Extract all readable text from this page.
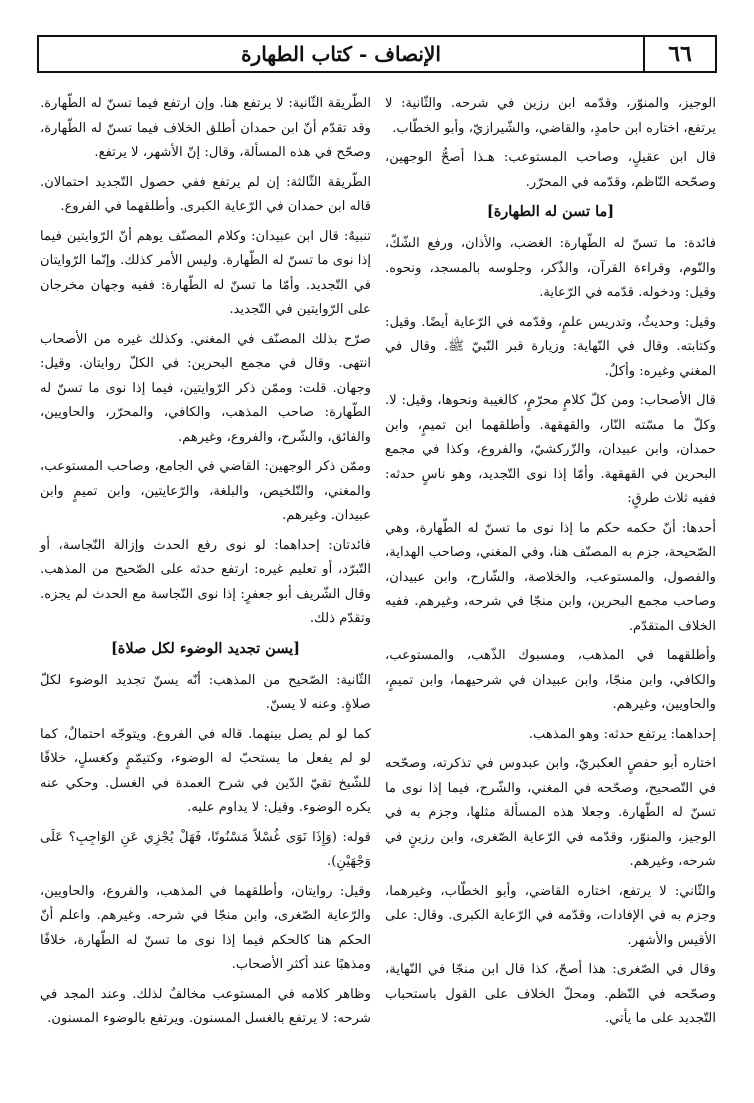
٦٦
الإنصاف - كتاب الطهارة

الوجيز، والمنوّر، وقدّمه ابن رزين في شرحه. والثّانية: لا يرتفع، اختاره ابن حامدٍ، والقاضي، والشّيرازيّ، وأبو الخطّاب.

قال ابن عقيلٍ، وصاحب المستوعب: هـذا أصحُّ الوجهين، وصحّحه النّاظم، وقدّمه في المحرّر.

[ما تسن له الطهارة]

فائدة: ما تسنّ له الطّهارة: الغضب، والأذان، ورفع الشّكّ، والنّوم، وقراءة القرآن، والذّكر، وجلوسه بالمسجد، ونحوه. وقيل: ودخوله. قدّمه في الرّعاية.

وقيل: وحديثٌ، وتدريس علمٍ، وقدّمه في الرّعاية أيضًا. وقيل: وكتابته. وقال في النّهاية: وزيارة قبر النّبيّ ﷺ. وقال في المغني وغيره: وأكلٌ.

قال الأصحاب: ومن كلّ كلامٍ محرّمٍ، كالغيبة ونحوها، وقيل: لا. وكلّ ما مسّته النّار، والقهقهة. وأطلقهما ابن تميمٍ، وابن حمدان، وابن عبيدان، والزّركشيّ، والفروع، وكذا في مجمع البحرين في القهقهة. وأمّا إذا نوى التّجديد، وهو ناسٍ حدثه: ففيه ثلاث طرقٍ:

أحدها: أنّ حكمه حكم ما إذا نوى ما تسنّ له الطّهارة، وهي الصّحيحة، جزم به المصنّف هنا، وفي المغني، وصاحب الهداية، والفصول، والمستوعب، والخلاصة، والشّارح، وابن عبيدان، وصاحب مجمع البحرين، وابن منجّا في شرحه، وغيرهم. ففيه الخلاف المتقدّم.

وأطلقهما في المذهب، ومسبوك الذّهب، والمستوعب، والكافي، وابن منجّا، وابن عبيدان في شرحيهما، وابن تميمٍ، والحاويين، وغيرهم.

إحداهما: يرتفع حدثه: وهو المذهب.

اختاره أبو حفصٍ العكبريّ، وابن عبدوس في تذكرته، وصحّحه في التّصحيح، وصحّحه في المغني، والشّرح، فيما إذا نوى ما تسنّ له الطّهارة. وجعلا هذه المسألة مثلها، وجزم به في الوجيز، والمنوّر، وقدّمه في الرّعاية الصّغرى، وابن رزينٍ في شرحه، وغيرهم.

والثّاني: لا يرتفع، اختاره القاضي، وأبو الخطّاب، وغيرهما، وجزم به في الإفادات، وقدّمه في الرّعاية الكبرى. وقال: على الأقيس والأشهر.

وقال في الصّغرى: هذا أصحّ، كذا قال ابن منجّا في النّهاية، وصحّحه في النّظم. ومحلّ الخلاف على القول باستحباب التّجديد على ما يأتي.

الطّريقة الثّانية: لا يرتفع هنا. وإن ارتفع فيما تسنّ له الطّهارة. وقد تقدّم أنّ ابن حمدان أطلق الخلاف فيما تسنّ له الطّهارة، وصحّح في هذه المسألة، وقال: إنّ الأشهر، لا يرتفع.

الطّريقة الثّالثة: إن لم يرتفع ففي حصول التّجديد احتمالان. قاله ابن حمدان في الرّعاية الكبرى. وأطلقهما في الفروع.

تنبيهٌ: قال ابن عبيدان: وكلام المصنّف يوهم أنّ الرّوايتين فيما إذا نوى ما تسنّ له الطّهارة. وليس الأمر كذلك. وإنّما الرّوايتان في التّجديد. وأمّا ما تسنّ له الطّهارة: ففيه وجهان مخرجان على الرّوايتين في التّجديد.

صرّح بذلك المصنّف في المغني. وكذلك غيره من الأصحاب انتهى. وقال في مجمع البحرين: في الكلّ روايتان. وقيل: وجهان. قلت: وممّن ذكر الرّوايتين، فيما إذا نوى ما تسنّ له الطّهارة: صاحب المذهب، والكافي، والمحرّر، والحاويين، والفائق، والشّرح، والفروع، وغيرهم.

وممّن ذكر الوجهين: القاضي في الجامع، وصاحب المستوعب، والمغني، والتّلخيص، والبلغة، والرّعايتين، وابن تميمٍ وابن عبيدان. وغيرهم.

فائدتان: إحداهما: لو نوى رفع الحدث وإزالة النّجاسة، أو التّبرّد، أو تعليم غيره: ارتفع حدثه على الصّحيح من المذهب. وقال الشّريف أبو جعفرٍ: إذا نوى النّجاسة مع الحدث لم يجزه. وتقدّم ذلك.

[يسن تجديد الوضوء لكل صلاة]

الثّانية: الصّحيح من المذهب: أنّه يسنّ تجديد الوضوء لكلّ صلاةٍ. وعنه لا يسنّ.

كما لو لم يصل بينهما. قاله في الفروع. ويتوجّه احتمالٌ، كما لو لم يفعل ما يستحبّ له الوضوء، وكتيمّمٍ وكغسلٍ، خلافًا للشّيخ تقيّ الدّين في شرح العمدة في الغسل. وحكي عنه يكره الوضوء. وقيل: لا يداوم عليه.

قوله: (وَإِذَا نَوَى غُسْلاً مَسْنُونًا، فَهَلْ يُجْزِي عَنِ الوَاجِبِ؟ عَلَى وَجْهَيْنِ).

وقيل: روايتان، وأطلقهما في المذهب، والفروع، والحاويين، والرّعاية الصّغرى، وابن منجّا في شرحه. وغيرهم. واعلم أنّ الحكم هنا كالحكم فيما إذا نوى ما تسنّ له الطّهارة، خلافًا ومذهبًا عند أكثر الأصحاب.

وظاهر كلامه في المستوعب مخالفٌ لذلك. وعند المجد في شرحه: لا يرتفع بالغسل المسنون. ويرتفع بالوضوء المسنون.
